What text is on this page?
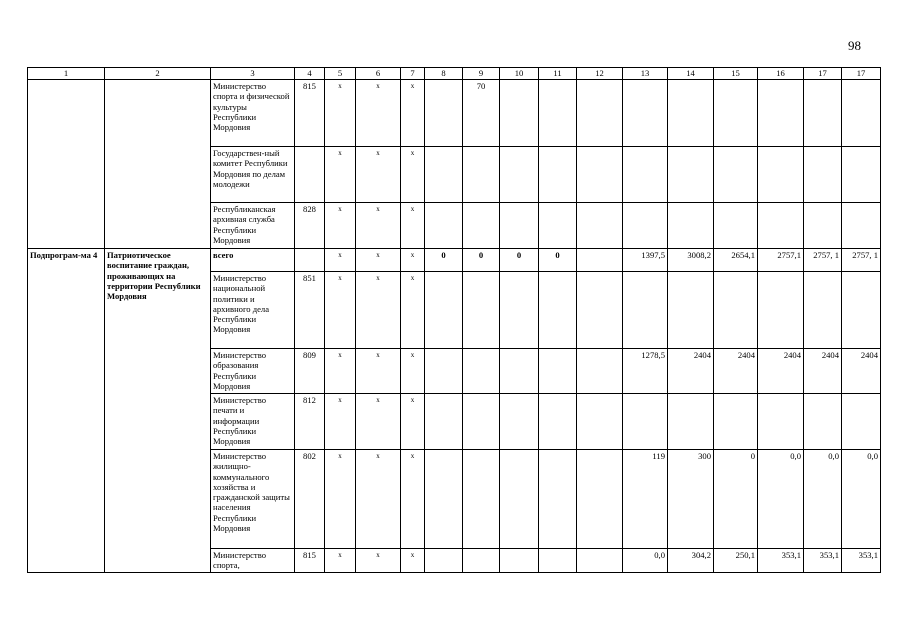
98
1	2	3	4	5	6	7	8	9	10	11	12	13	14	15	16	17	17
		Министерство спорта и физической культуры Республики Мордовия	815	x	x	x		70									
		Государствен-ный комитет Республики Мордовия по делам молодежи		x	x	x											
		Республиканская архивная служба Республики Мордовия	828	x	x	x											
Подпрограм-ма 4	Патриотическое воспитание граждан, проживающих на территории Республики Мордовия	всего		x	x	x	0	0	0	0		1397,5	3008,2	2654,1	2757,1	2757, 1	2757, 1
		Министерство национальной политики и архивного дела Республики Мордовия	851	x	x	x											
		Министерство образования Республики Мордовия	809	x	x	x						1278,5	2404	2404	2404	2404	2404
		Министерство печати и информации Республики Мордовия	812	x	x	x											
		Министерство жилищно-коммунального хозяйства и гражданской защиты населения Республики Мордовия	802	x	x	x						119	300	0	0,0	0,0	0,0
		Министерство спорта,	815	x	x	x						0,0	304,2	250,1	353,1	353,1	353,1
